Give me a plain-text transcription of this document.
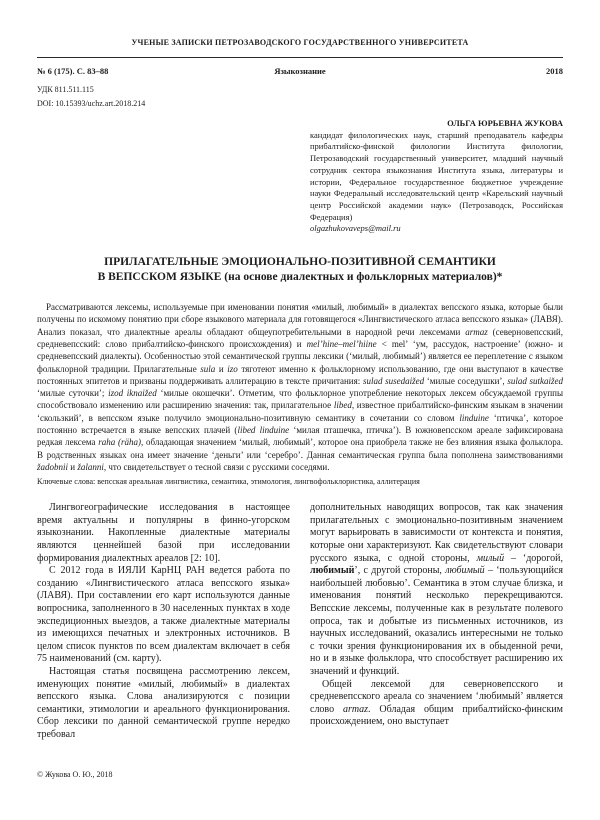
УЧЕНЫЕ ЗАПИСКИ ПЕТРОЗАВОДСКОГО ГОСУДАРСТВЕННОГО УНИВЕРСИТЕТА
№ 6 (175). С. 83–88	Языкознание	2018
УДК 811.511.115
DOI: 10.15393/uchz.art.2018.214
ОЛЬГА ЮРЬЕВНА ЖУКОВА
кандидат филологических наук, старший преподаватель кафедры прибалтийско-финской филологии Института филологии, Петрозаводский государственный университет, младший научный сотрудник сектора языкознания Института языка, литературы и истории, Федеральное государственное бюджетное учреждение науки Федеральный исследовательский центр «Карельский научный центр Российской академии наук» (Петрозаводск, Российская Федерация)
olgazhukovaveps@mail.ru
ПРИЛАГАТЕЛЬНЫЕ ЭМОЦИОНАЛЬНО-ПОЗИТИВНОЙ СЕМАНТИКИ
В ВЕПССКОМ ЯЗЫКЕ (на основе диалектных и фольклорных материалов)*

Рассматриваются лексемы, используемые при именовании понятия «милый, любимый» в диалектах вепсского языка, которые были получены по искомому понятию при сборе языкового материала для готовящегося «Лингвистического атласа вепсского языка» (ЛАВЯ). Анализ показал, что диалектные ареалы обладают общеупотребительными в народной речи лексемами armaz (северновепсский, средневепсский: слово прибалтийско-финского происхождения) и mel’hine–mel’hiine < mel’ ‘ум, рассудок, настроение’ (южно- и средневепсский диалекты). Особенностью этой семантической группы лексики (‘милый, любимый’) является ее переплетение с языком фольклорной традиции. Прилагательные sula и izo тяготеют именно к фольклорному использованию, где они выступают в качестве постоянных эпитетов и призваны поддерживать аллитерацию в тексте причитания: sulad susedaižed ‘милые соседушки’, sulad sutkaižed ‘милые суточки’; izod iknaižed ‘милые окошечки’. Отметим, что фольклорное употребление некоторых лексем обсуждаемой группы способствовало изменению или расширению значения: так, прилагательное libed, известное прибалтийско-финским языкам в значении ‘скользкий’, в вепсском языке получило эмоционально-позитивную семантику в сочетании со словом linduine ‘птичка’, которое постоянно встречается в языке вепсских плачей (libed linduine ‘милая пташечка, птичка’). В южновепсском ареале зафиксирована редкая лексема raha (räha), обладающая значением ‘милый, любимый’, которое она приобрела также не без влияния языка фольклора. В родственных языках она имеет значение ‘деньги’ или ‘серебро’. Данная семантическая группа была пополнена заимствованиями žadobnii и žalanni, что свидетельствует о тесной связи с русскими соседями.

Ключевые слова: вепсская ареальная лингвистика, семантика, этимология, лингвофольклористика, аллитерация

Лингвогеографические исследования в настоящее время актуальны и популярны в финно-угорском языкознании. Накопленные диалектные материалы являются ценнейшей базой при исследовании формирования диалектных ареалов [2: 10].

С 2012 года в ИЯЛИ КарНЦ РАН ведется работа по созданию «Лингвистического атласа вепсского языка» (ЛАВЯ). При составлении его карт используются данные вопросника, заполненного в 30 населенных пунктах в ходе экспедиционных выездов, а также диалектные материалы из имеющихся печатных и электронных источников. В целом список пунктов по всем диалектам включает в себя 75 наименований (см. карту).

Настоящая статья посвящена рассмотрению лексем, именующих понятие «милый, любимый» в диалектах вепсского языка. Слова анализируются с позиции семантики, этимологии и ареального функционирования. Сбор лексики по данной семантической группе нередко требовал

дополнительных наводящих вопросов, так как значения прилагательных с эмоционально-позитивным значением могут варьировать в зависимости от контекста и понятия, которые они характеризуют. Как свидетельствуют словари русского языка, с одной стороны, милый – ‘дорогой, любимый’, с другой стороны, любимый – ‘пользующийся наибольшей любовью’. Семантика в этом случае близка, и именования понятий несколько перекрещиваются. Вепсские лексемы, полученные как в результате полевого опроса, так и добытые из письменных источников, из научных исследований, оказались интересными не только с точки зрения функционирования их в обыденной речи, но и в языке фольклора, что способствует расширению их значений и функций.

Общей лексемой для северновепсского и средневепсского ареала со значением ‘любимый’ является слово armaz. Обладая общим прибалтийско-финским происхождением, оно выступает

© Жукова О. Ю., 2018
